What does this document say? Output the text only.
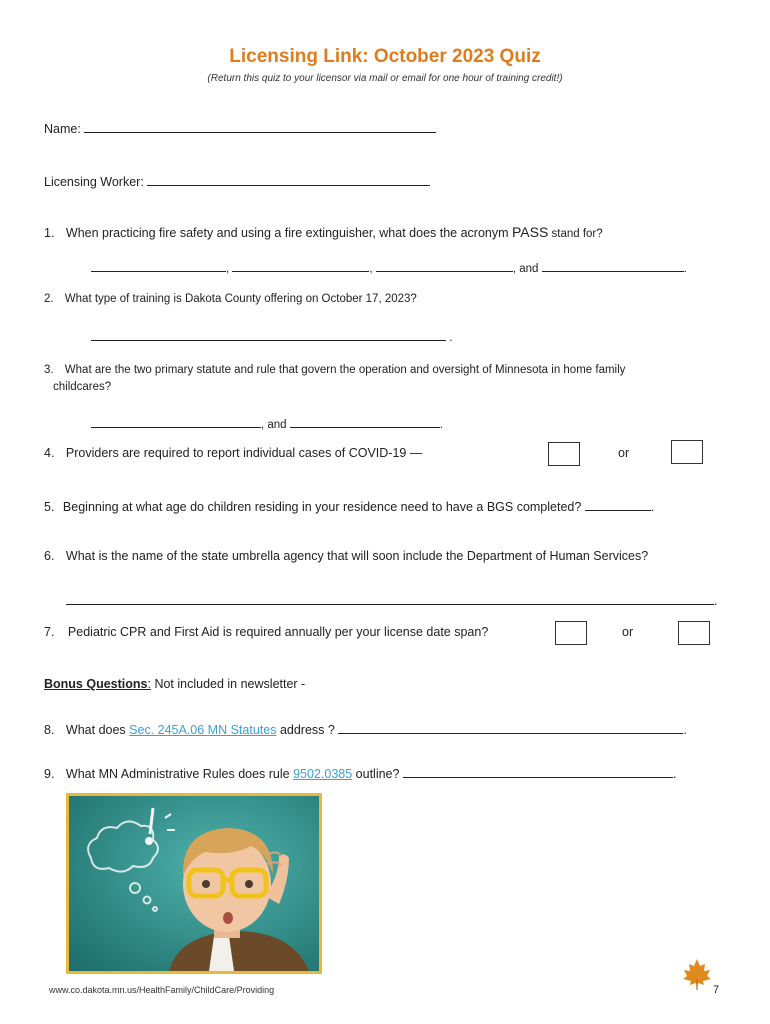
Licensing Link: October 2023 Quiz
(Return this quiz to your licensor via mail or email for one hour of training credit!)
Name:
Licensing Worker:
1. When practicing fire safety and using a fire extinguisher, what does the acronym PASS stand for?
,	,	, and	.
2. What type of training is Dakota County offering on October 17, 2023?
.
3. What are the two primary statute and rule that govern the operation and oversight of Minnesota in home family
childcares?
, and	.
4. Providers are required to report individual cases of COVID-19 —	or
5. Beginning at what age do children residing in your residence need to have a BGS completed?	.
6. What is the name of the state umbrella agency that will soon include the Department of Human Services?
.
7. Pediatric CPR and First Aid is required annually per your license date span?	or
Bonus Questions: Not included in newsletter -
8. What does Sec. 245A.06 MN Statutes address ?	.
9. What MN Administrative Rules does rule 9502.0385 outline?	.
www.co.dakota.mn.us/HealthFamily/ChildCare/Providing	7
